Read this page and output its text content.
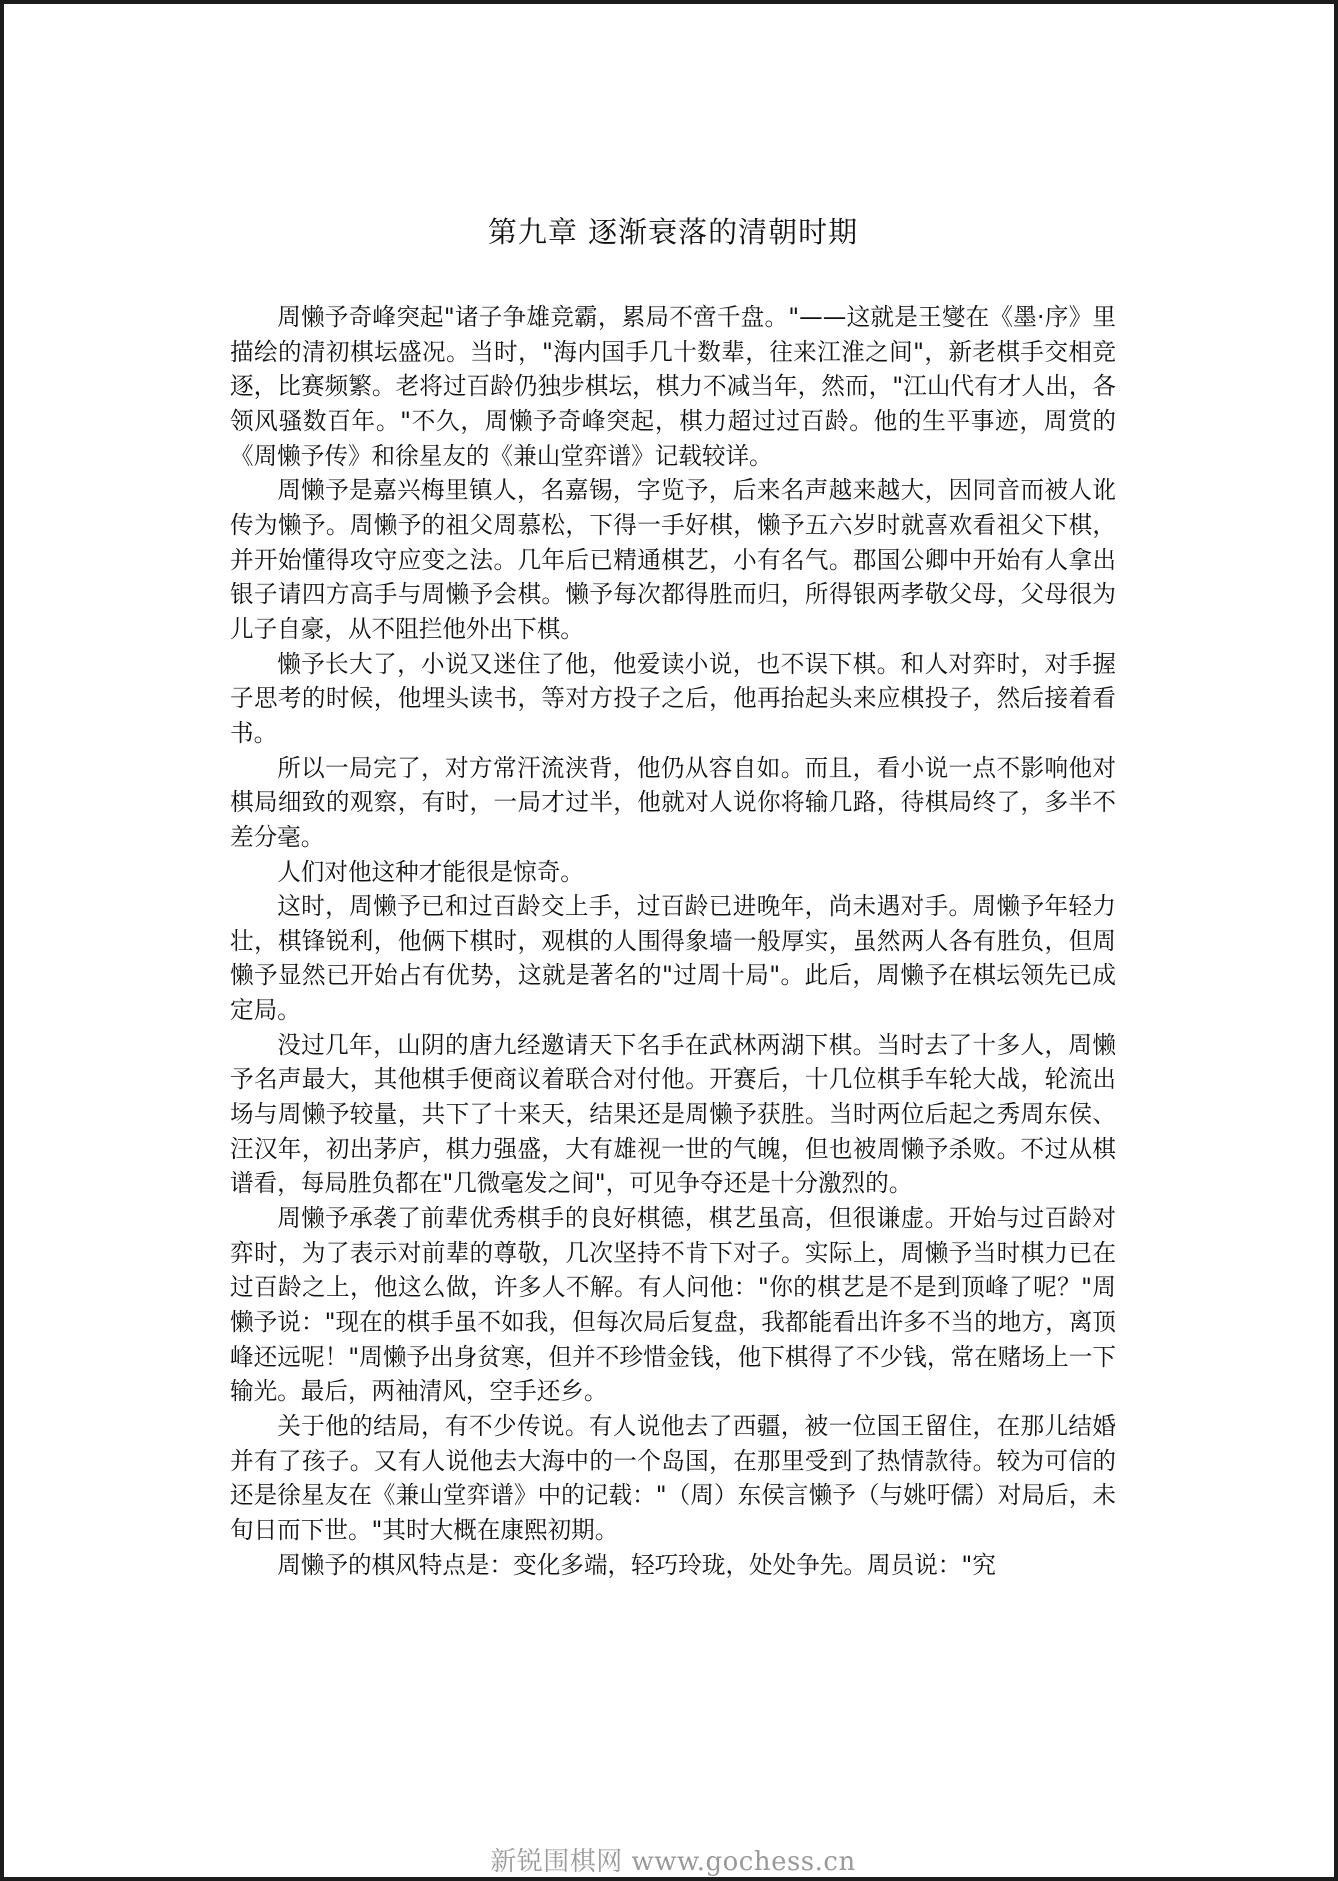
第九章 逐渐衰落的清朝时期

周懒予奇峰突起"诸子争雄竞霸，累局不啻千盘。"——这就是王燮在《墨·序》里描绘的清初棋坛盛况。当时，"海内国手几十数辈，往来江淮之间"，新老棋手交相竞逐，比赛频繁。老将过百龄仍独步棋坛，棋力不减当年，然而，"江山代有才人出，各领风骚数百年。"不久，周懒予奇峰突起，棋力超过过百龄。他的生平事迹，周赏的《周懒予传》和徐星友的《兼山堂弈谱》记载较详。

周懒予是嘉兴梅里镇人，名嘉锡，字览予，后来名声越来越大，因同音而被人讹传为懒予。周懒予的祖父周慕松，下得一手好棋，懒予五六岁时就喜欢看祖父下棋，并开始懂得攻守应变之法。几年后已精通棋艺，小有名气。郡国公卿中开始有人拿出银子请四方高手与周懒予会棋。懒予每次都得胜而归，所得银两孝敬父母，父母很为儿子自豪，从不阻拦他外出下棋。

懒予长大了，小说又迷住了他，他爱读小说，也不误下棋。和人对弈时，对手握子思考的时候，他埋头读书，等对方投子之后，他再抬起头来应棋投子，然后接着看书。

所以一局完了，对方常汗流浃背，他仍从容自如。而且，看小说一点不影响他对棋局细致的观察，有时，一局才过半，他就对人说你将输几路，待棋局终了，多半不差分毫。

人们对他这种才能很是惊奇。

这时，周懒予已和过百龄交上手，过百龄已进晚年，尚未遇对手。周懒予年轻力壮，棋锋锐利，他俩下棋时，观棋的人围得象墙一般厚实，虽然两人各有胜负，但周懒予显然已开始占有优势，这就是著名的"过周十局"。此后，周懒予在棋坛领先已成定局。

没过几年，山阴的唐九经邀请天下名手在武林两湖下棋。当时去了十多人，周懒予名声最大，其他棋手便商议着联合对付他。开赛后，十几位棋手车轮大战，轮流出场与周懒予较量，共下了十来天，结果还是周懒予获胜。当时两位后起之秀周东侯、汪汉年，初出茅庐，棋力强盛，大有雄视一世的气魄，但也被周懒予杀败。不过从棋谱看，每局胜负都在"几微毫发之间"，可见争夺还是十分激烈的。

周懒予承袭了前辈优秀棋手的良好棋德，棋艺虽高，但很谦虚。开始与过百龄对弈时，为了表示对前辈的尊敬，几次坚持不肯下对子。实际上，周懒予当时棋力已在过百龄之上，他这么做，许多人不解。有人问他："你的棋艺是不是到顶峰了呢？"周懒予说："现在的棋手虽不如我，但每次局后复盘，我都能看出许多不当的地方，离顶峰还远呢！"周懒予出身贫寒，但并不珍惜金钱，他下棋得了不少钱，常在赌场上一下输光。最后，两袖清风，空手还乡。

关于他的结局，有不少传说。有人说他去了西疆，被一位国王留住，在那儿结婚并有了孩子。又有人说他去大海中的一个岛国，在那里受到了热情款待。较为可信的还是徐星友在《兼山堂弈谱》中的记载："（周）东侯言懒予（与姚吁儒）对局后，未旬日而下世。"其时大概在康熙初期。

周懒予的棋风特点是：变化多端，轻巧玲珑，处处争先。周员说："究

新锐围棋网 www.gochess.cn
